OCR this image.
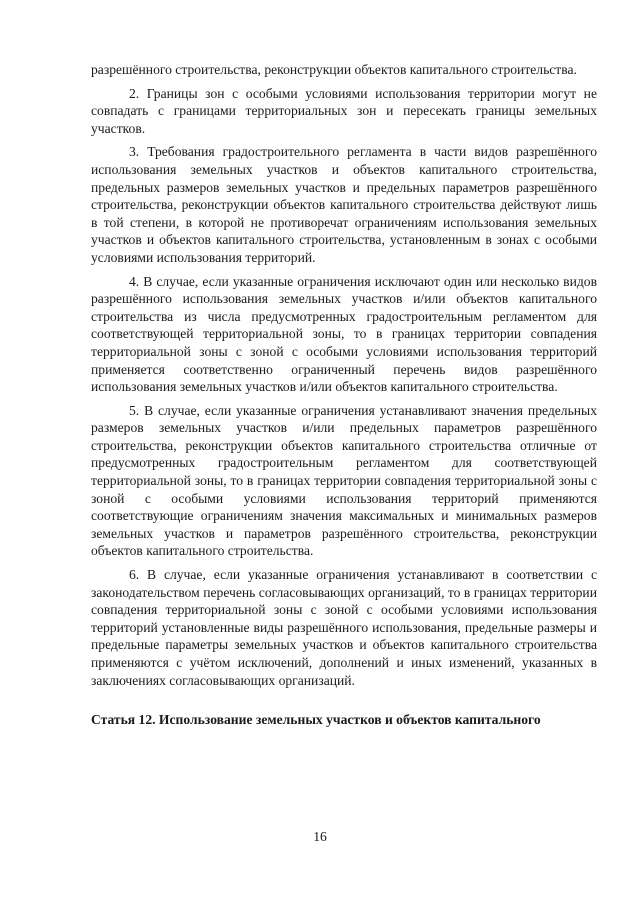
разрешённого строительства, реконструкции объектов капитального строительства.

2. Границы зон с особыми условиями использования территории могут не совпадать с границами территориальных зон и пересекать границы земельных участков.

3. Требования градостроительного регламента в части видов разрешённого использования земельных участков и объектов капитального строительства, предельных размеров земельных участков и предельных параметров разрешённого строительства, реконструкции объектов капитального строительства действуют лишь в той степени, в которой не противоречат ограничениям использования земельных участков и объектов капитального строительства, установленным в зонах с особыми условиями использования территорий.

4. В случае, если указанные ограничения исключают один или несколько видов разрешённого использования земельных участков и/или объектов капитального строительства из числа предусмотренных градостроительным регламентом для соответствующей территориальной зоны, то в границах территории совпадения территориальной зоны с зоной с особыми условиями использования территорий применяется соответственно ограниченный перечень видов разрешённого использования земельных участков и/или объектов капитального строительства.

5. В случае, если указанные ограничения устанавливают значения предельных размеров земельных участков и/или предельных параметров разрешённого строительства, реконструкции объектов капитального строительства отличные от предусмотренных градостроительным регламентом для соответствующей территориальной зоны, то в границах территории совпадения территориальной зоны с зоной с особыми условиями использования территорий применяются соответствующие ограничениям значения максимальных и минимальных размеров земельных участков и параметров разрешённого строительства, реконструкции объектов капитального строительства.

6. В случае, если указанные ограничения устанавливают в соответствии с законодательством перечень согласовывающих организаций, то в границах территории совпадения территориальной зоны с зоной с особыми условиями использования территорий установленные виды разрешённого использования, предельные размеры и предельные параметры земельных участков и объектов капитального строительства применяются с учётом исключений, дополнений и иных изменений, указанных в заключениях согласовывающих организаций.

Статья 12. Использование земельных участков и объектов капитального

16
